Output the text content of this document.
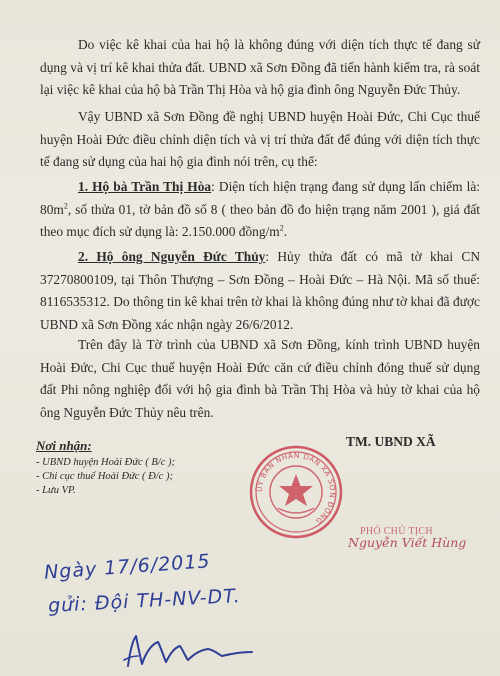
Do việc kê khai của hai hộ là không đúng với diện tích thực tế đang sử dụng và vị trí kê khai thửa đất. UBND xã Sơn Đồng đã tiến hành kiểm tra, rà soát lại việc kê khai của hộ bà Trần Thị Hòa và hộ gia đình ông Nguyễn Đức Thủy.
Vậy UBND xã Sơn Đồng đề nghị UBND huyện Hoài Đức, Chi Cục thuế huyện Hoài Đức điều chỉnh diện tích và vị trí thửa đất để đúng với diện tích thực tế đang sử dụng của hai hộ gia đình nói trên, cụ thể:
1. Hộ bà Trần Thị Hòa: Diện tích hiện trạng đang sử dụng lấn chiếm là: $80m^2$, số thửa 01, tờ bản đồ số 8 ( theo bản đồ đo hiện trạng năm 2001 ), giá đất theo mục đích sử dụng là: 2.150.000 đồng/$m^2$.
2. Hộ ông Nguyễn Đức Thủy: Hủy thửa đất có mã tờ khai CN 37270800109, tại Thôn Thượng – Sơn Đồng – Hoài Đức – Hà Nội. Mã số thuế: 8116535312. Do thông tin kê khai trên tờ khai là không đúng như tờ khai đã được UBND xã Sơn Đồng xác nhận ngày 26/6/2012.
Trên đây là Tờ trình của UBND xã Sơn Đồng, kính trình UBND huyện Hoài Đức, Chi Cục thuế huyện Hoài Đức căn cứ điều chỉnh đóng thuế sử dụng đất Phi nông nghiệp đối với hộ gia đình bà Trần Thị Hòa và hủy tờ khai của hộ ông Nguyễn Đức Thủy nêu trên.
Nơi nhận:
- UBND huyện Hoài Đức ( B/c );
- Chi cục thuế Hoài Đức ( Đ/c );
- Lưu VP.
TM. UBND XÃ
ỦY BAN NHÂN DÂN XÃ SƠN ĐỒNG
PHÓ CHỦ TỊCH
Nguyễn Viết Hùng
Ngày 17/6/2015
gửi: Đội TH-NV-DT.
